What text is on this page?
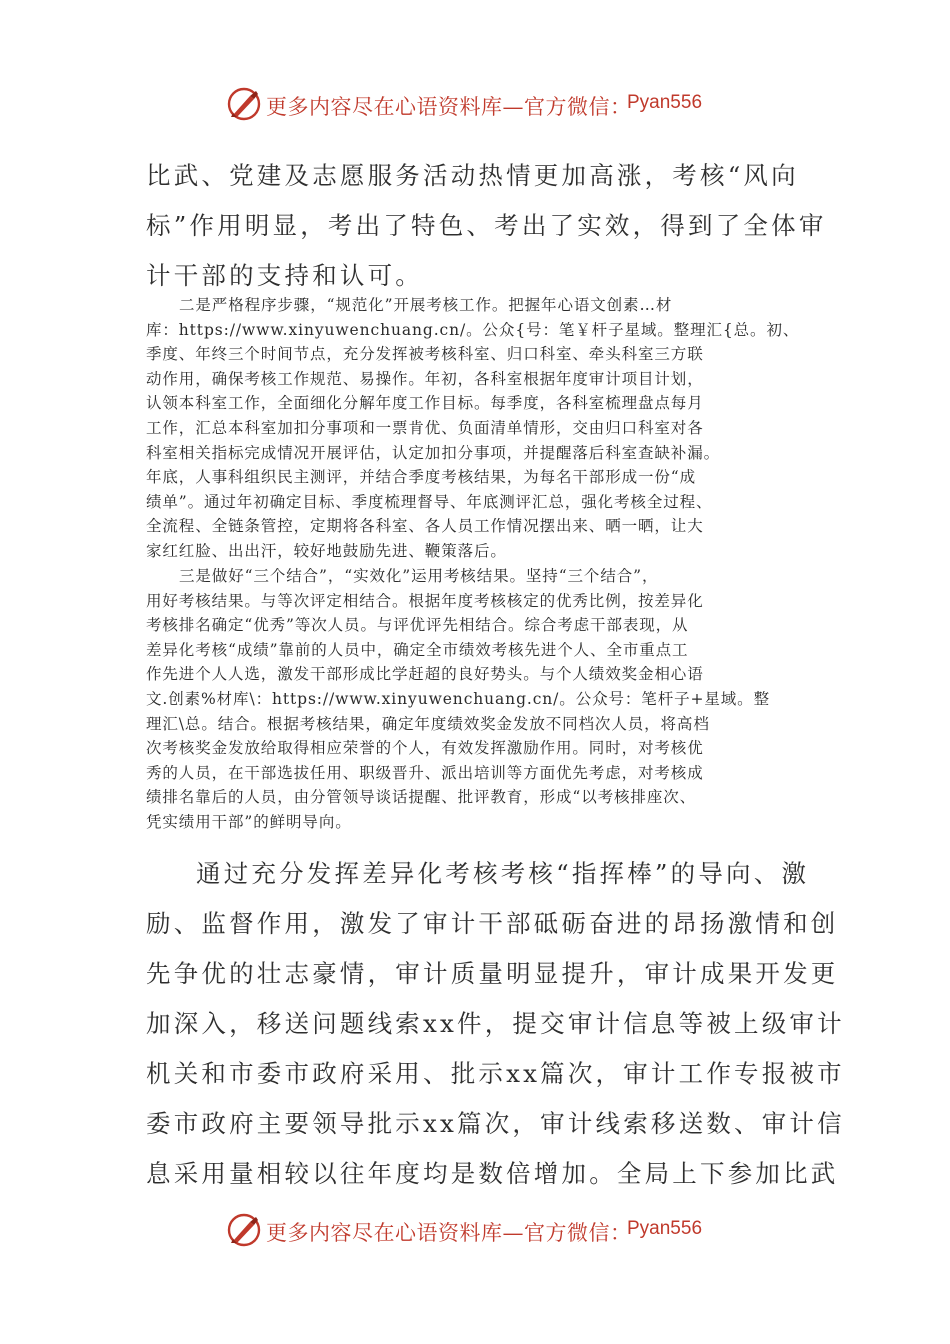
更多内容尽在心语资料库—官方微信：
Pyan556

比武、党建及志愿服务活动热情更加高涨，考核“风向

标”作用明显，考出了特色、考出了实效，得到了全体审

计干部的支持和认可。

二是严格程序步骤，“规范化”开展考核工作。把握年心语文创素…材
库：https://www.xinyuwenchuang.cn/。公众{号：笔￥杆子星域。整理汇{总。初、
季度、年终三个时间节点，充分发挥被考核科室、归口科室、牵头科室三方联
动作用，确保考核工作规范、易操作。年初，各科室根据年度审计项目计划，
认领本科室工作，全面细化分解年度工作目标。每季度，各科室梳理盘点每月
工作，汇总本科室加扣分事项和一票肯优、负面清单情形，交由归口科室对各
科室相关指标完成情况开展评估，认定加扣分事项，并提醒落后科室查缺补漏。
年底，人事科组织民主测评，并结合季度考核结果，为每名干部形成一份“成
绩单”。通过年初确定目标、季度梳理督导、年底测评汇总，强化考核全过程、
全流程、全链条管控，定期将各科室、各人员工作情况摆出来、晒一晒，让大
家红红脸、出出汗，较好地鼓励先进、鞭策落后。
三是做好“三个结合”，“实效化”运用考核结果。坚持“三个结合”，
用好考核结果。与等次评定相结合。根据年度考核核定的优秀比例，按差异化
考核排名确定“优秀”等次人员。与评优评先相结合。综合考虑干部表现，从
差异化考核“成绩”靠前的人员中，确定全市绩效考核先进个人、全市重点工
作先进个人人选，激发干部形成比学赶超的良好势头。与个人绩效奖金相心语
文.创素%材库\：https://www.xinyuwenchuang.cn/。公众号：笔杆子+星域。整
理汇\总。结合。根据考核结果，确定年度绩效奖金发放不同档次人员，将高档
次考核奖金发放给取得相应荣誉的个人，有效发挥激励作用。同时，对考核优
秀的人员，在干部选拔任用、职级晋升、派出培训等方面优先考虑，对考核成
绩排名靠后的人员，由分管领导谈话提醒、批评教育，形成“以考核排座次、
凭实绩用干部”的鲜明导向。

通过充分发挥差异化考核考核“指挥棒”的导向、激

励、监督作用，激发了审计干部砥砺奋进的昂扬激情和创

先争优的壮志豪情，审计质量明显提升，审计成果开发更

加深入，移送问题线索xx件，提交审计信息等被上级审计

机关和市委市政府采用、批示xx篇次，审计工作专报被市

委市政府主要领导批示xx篇次，审计线索移送数、审计信

息采用量相较以往年度均是数倍增加。全局上下参加比武

更多内容尽在心语资料库—官方微信：
Pyan556
